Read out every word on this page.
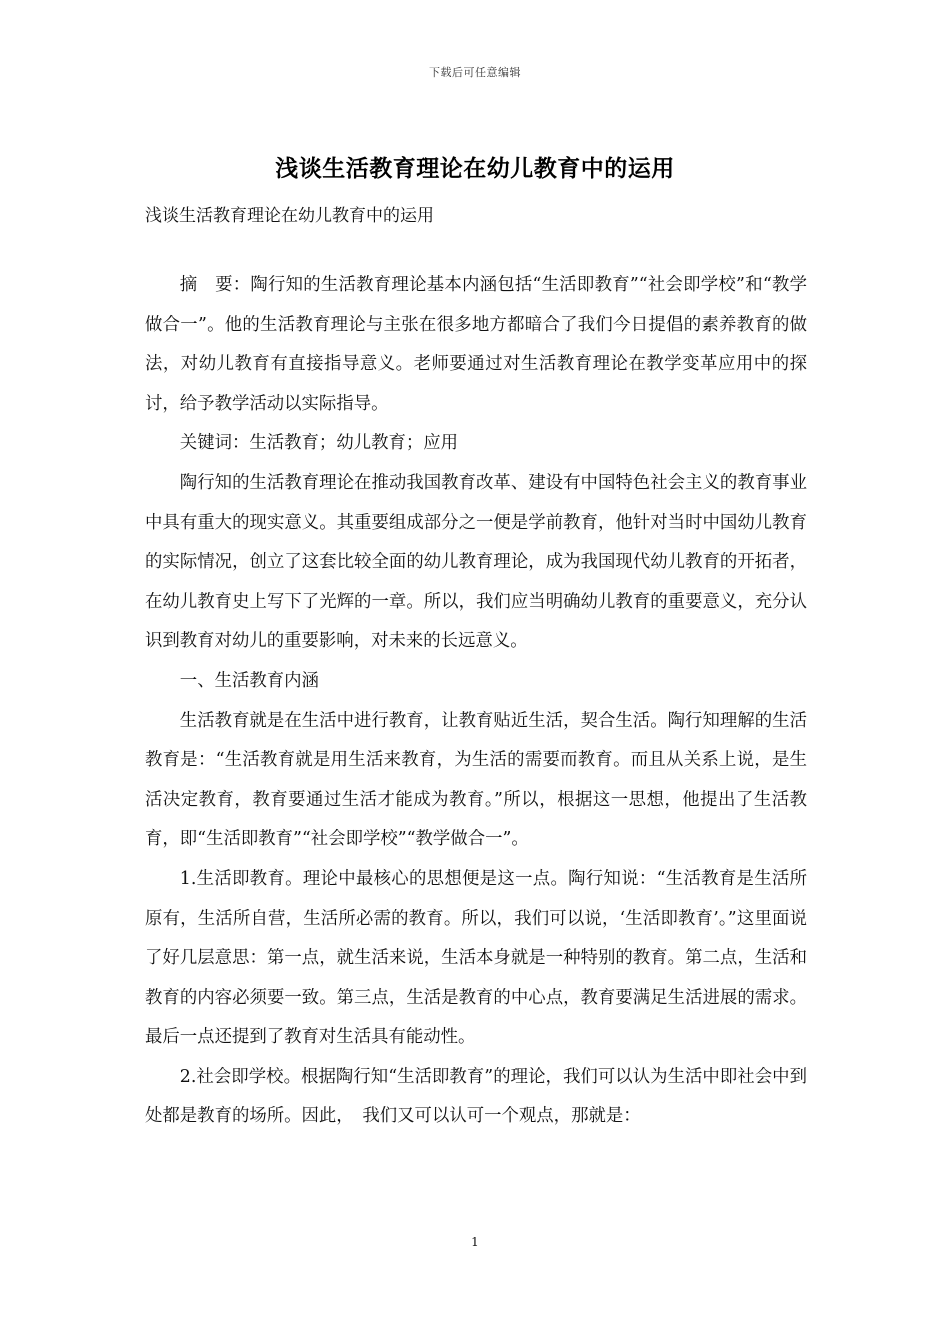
下载后可任意编辑
浅谈生活教育理论在幼儿教育中的运用
浅谈生活教育理论在幼儿教育中的运用

摘　要：陶行知的生活教育理论基本内涵包括“生活即教育”“社会即学校”和“教学做合一”。他的生活教育理论与主张在很多地方都暗合了我们今日提倡的素养教育的做法，对幼儿教育有直接指导意义。老师要通过对生活教育理论在教学变革应用中的探讨，给予教学活动以实际指导。

关键词：生活教育；幼儿教育；应用

陶行知的生活教育理论在推动我国教育改革、建设有中国特色社会主义的教育事业中具有重大的现实意义。其重要组成部分之一便是学前教育，他针对当时中国幼儿教育的实际情况，创立了这套比较全面的幼儿教育理论，成为我国现代幼儿教育的开拓者，在幼儿教育史上写下了光辉的一章。所以，我们应当明确幼儿教育的重要意义，充分认识到教育对幼儿的重要影响，对未来的长远意义。

一、生活教育内涵

生活教育就是在生活中进行教育，让教育贴近生活，契合生活。陶行知理解的生活教育是：“生活教育就是用生活来教育，为生活的需要而教育。而且从关系上说，是生活决定教育，教育要通过生活才能成为教育。”所以，根据这一思想，他提出了生活教育，即“生活即教育”“社会即学校”“教学做合一”。

1.生活即教育。理论中最核心的思想便是这一点。陶行知说：“生活教育是生活所原有，生活所自营，生活所必需的教育。所以，我们可以说，‘生活即教育’。”这里面说了好几层意思：第一点，就生活来说，生活本身就是一种特别的教育。第二点，生活和教育的内容必须要一致。第三点，生活是教育的中心点，教育要满足生活进展的需求。最后一点还提到了教育对生活具有能动性。

2.社会即学校。根据陶行知“生活即教育”的理论，我们可以认为生活中即社会中到处都是教育的场所。因此，　我们又可以认可一个观点，那就是：

1
